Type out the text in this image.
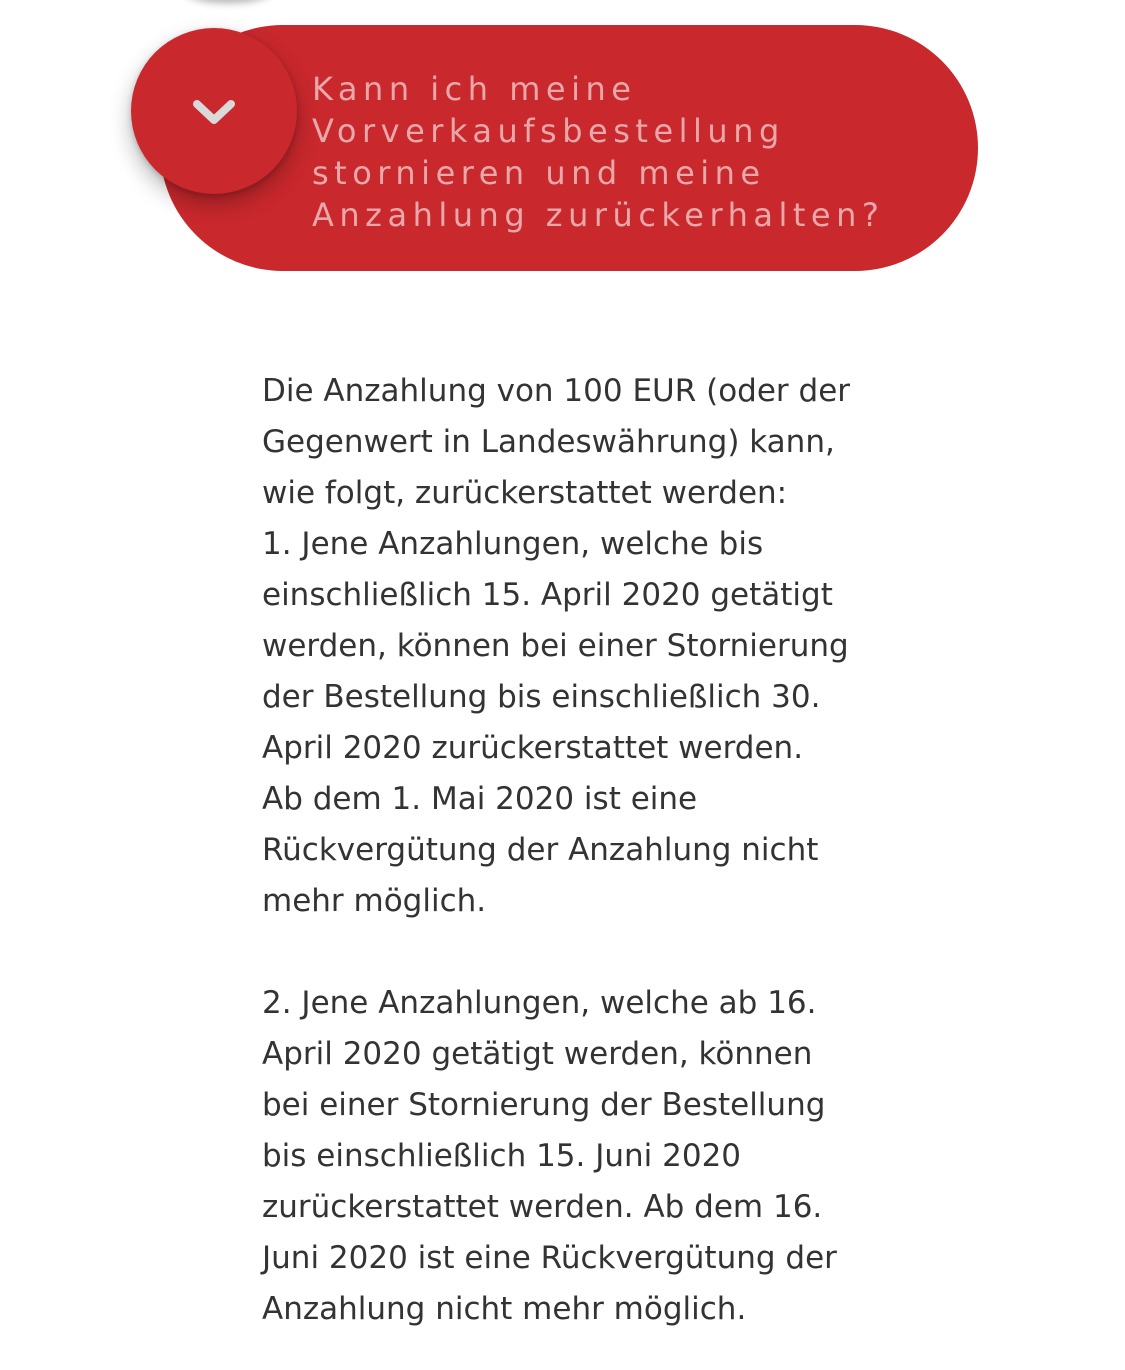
Kann ich meine
Vorverkaufsbestellung
stornieren und meine
Anzahlung zurückerhalten?

Die Anzahlung von 100 EUR (oder der

Gegenwert in Landeswährung) kann,

wie folgt, zurückerstattet werden:

1. Jene Anzahlungen, welche bis

einschließlich 15. April 2020 getätigt

werden, können bei einer Stornierung

der Bestellung bis einschließlich 30.

April 2020 zurückerstattet werden.

Ab dem 1. Mai 2020 ist eine

Rückvergütung der Anzahlung nicht

mehr möglich.

2. Jene Anzahlungen, welche ab 16.

April 2020 getätigt werden, können

bei einer Stornierung der Bestellung

bis einschließlich 15. Juni 2020

zurückerstattet werden. Ab dem 16.

Juni 2020 ist eine Rückvergütung der

Anzahlung nicht mehr möglich.
